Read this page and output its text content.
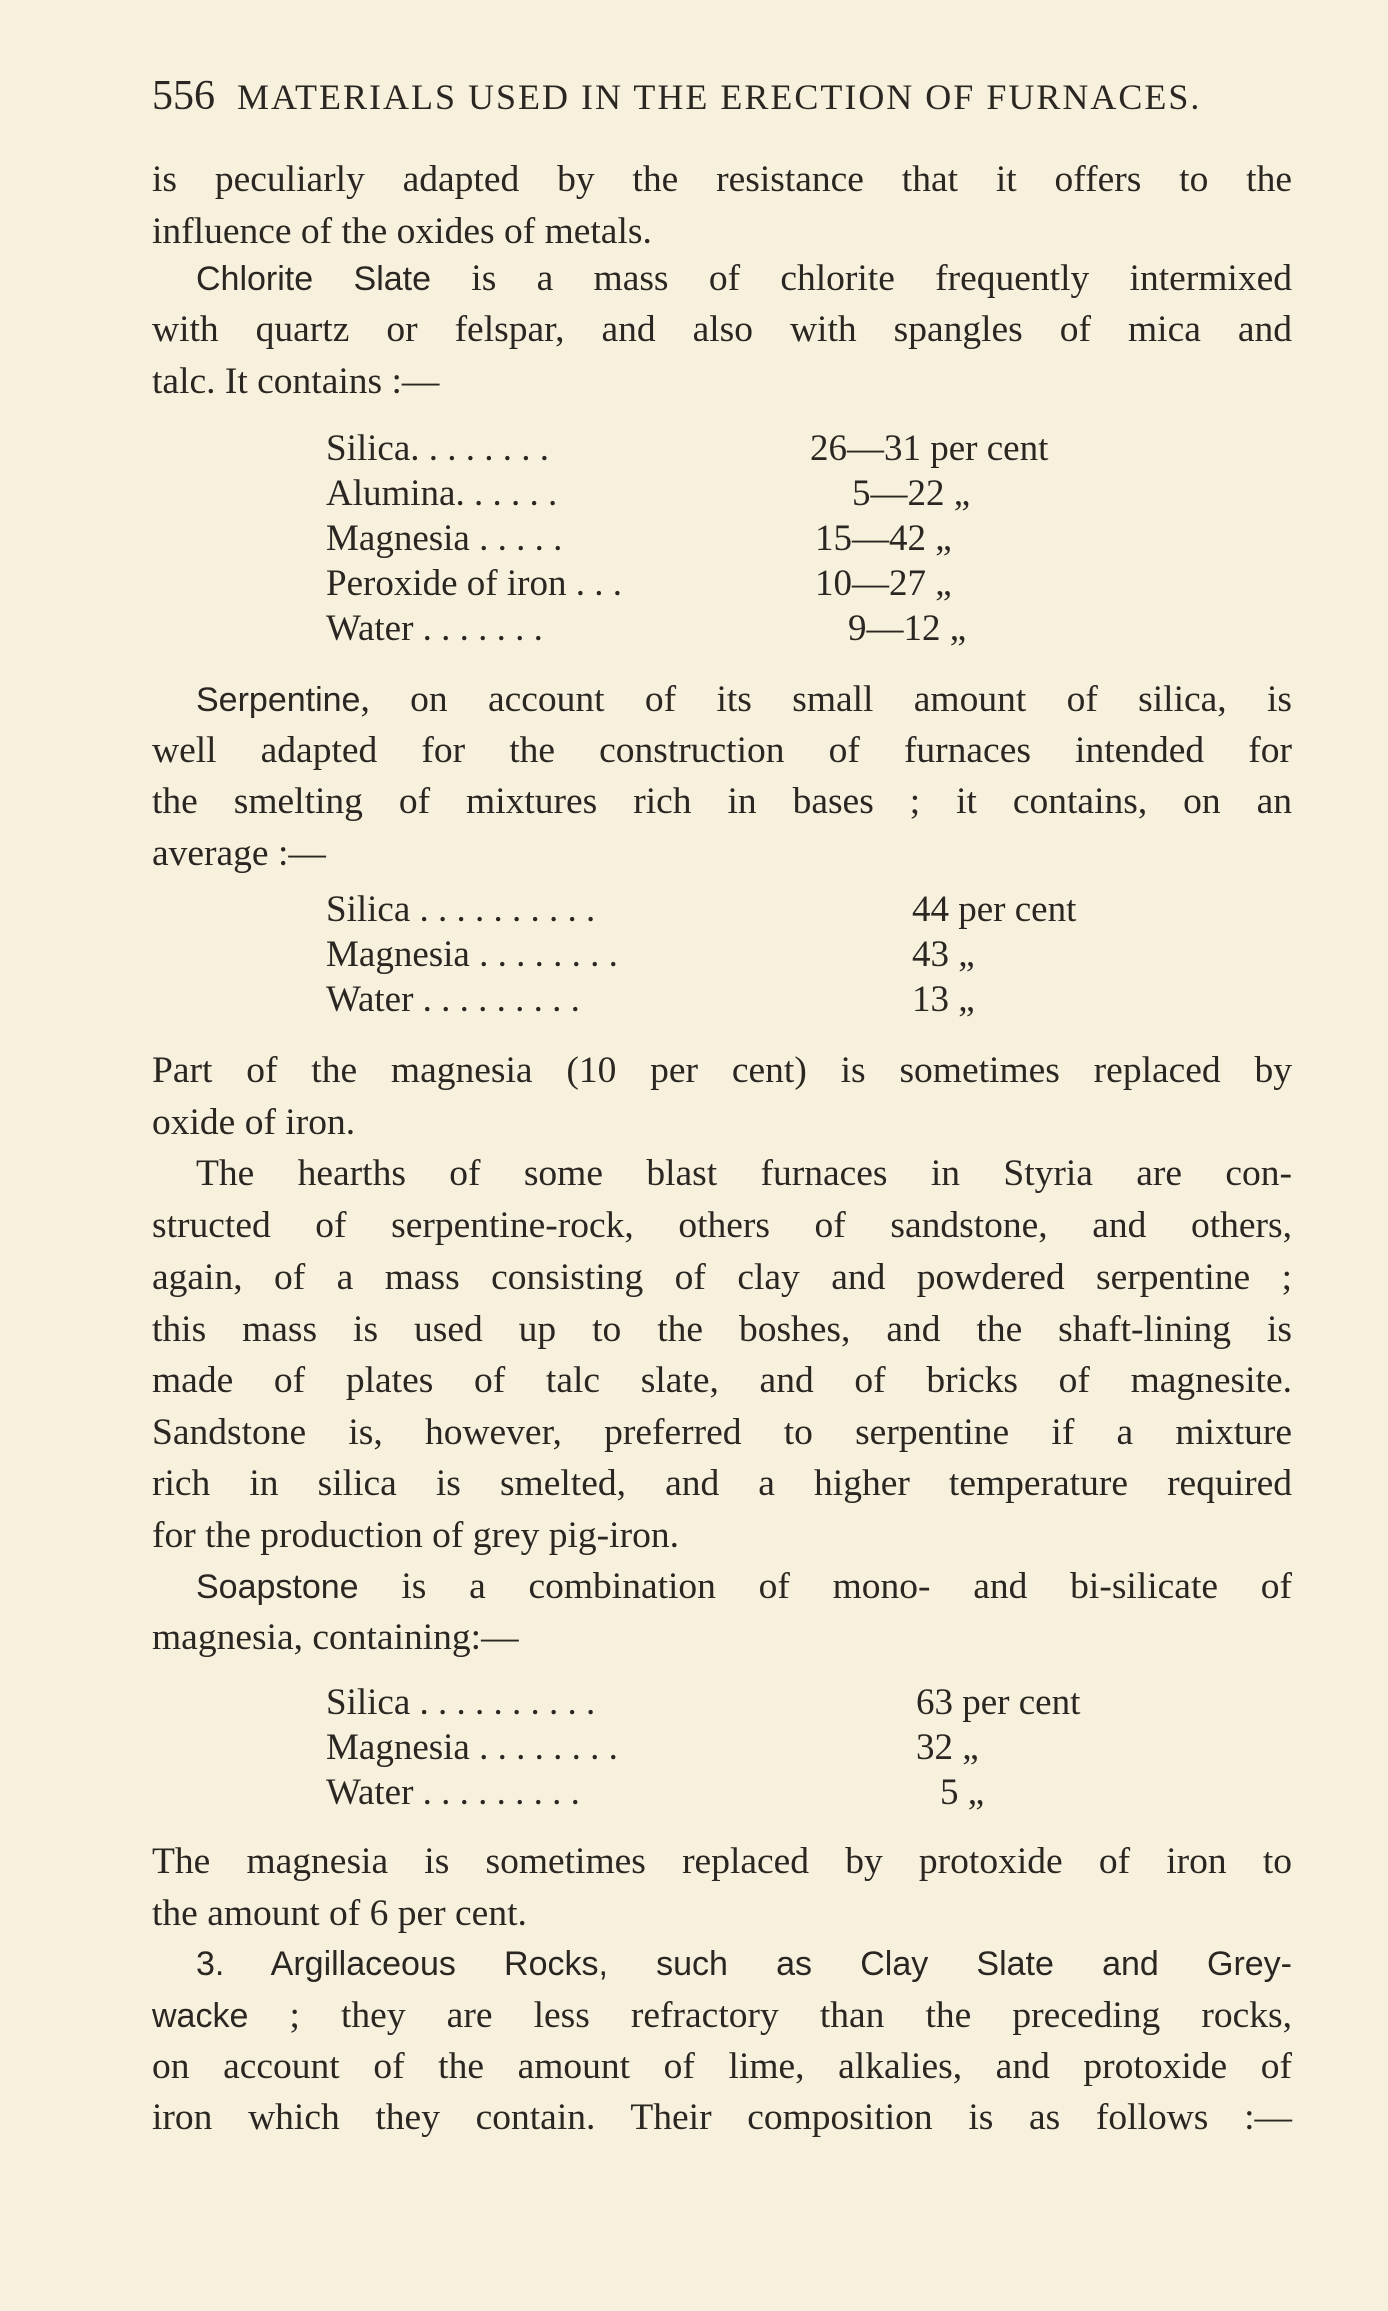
556 MATERIALS USED IN THE ERECTION OF FURNACES.
is peculiarly adapted by the resistance that it offers to the
influence of the oxides of metals.
Chlorite Slate is a mass of chlorite frequently intermixed
with quartz or felspar, and also with spangles of mica and
talc. It contains :—
Silica. . . . . . . .	26—31 per cent
Alumina. . . . . .	5—22 „
Magnesia . . . . .	15—42 „
Peroxide of iron . . .	10—27 „
Water . . . . . . .	9—12 „
Serpentine, on account of its small amount of silica, is
well adapted for the construction of furnaces intended for
the smelting of mixtures rich in bases ; it contains, on an
average :—
Silica . . . . . . . . . .	44 per cent
Magnesia . . . . . . . .	43 „
Water . . . . . . . . .	13 „
Part of the magnesia (10 per cent) is sometimes replaced by
oxide of iron.
The hearths of some blast furnaces in Styria are con-
structed of serpentine-rock, others of sandstone, and others,
again, of a mass consisting of clay and powdered serpentine ;
this mass is used up to the boshes, and the shaft-lining is
made of plates of talc slate, and of bricks of magnesite.
Sandstone is, however, preferred to serpentine if a mixture
rich in silica is smelted, and a higher temperature required
for the production of grey pig-iron.
Soapstone is a combination of mono- and bi-silicate of
magnesia, containing:—
Silica . . . . . . . . . .	63 per cent
Magnesia . . . . . . . .	32 „
Water . . . . . . . . .	5 „
The magnesia is sometimes replaced by protoxide of iron to
the amount of 6 per cent.
3. Argillaceous Rocks, such as Clay Slate and Grey-
wacke ; they are less refractory than the preceding rocks,
on account of the amount of lime, alkalies, and protoxide of
iron which they contain. Their composition is as follows :—
